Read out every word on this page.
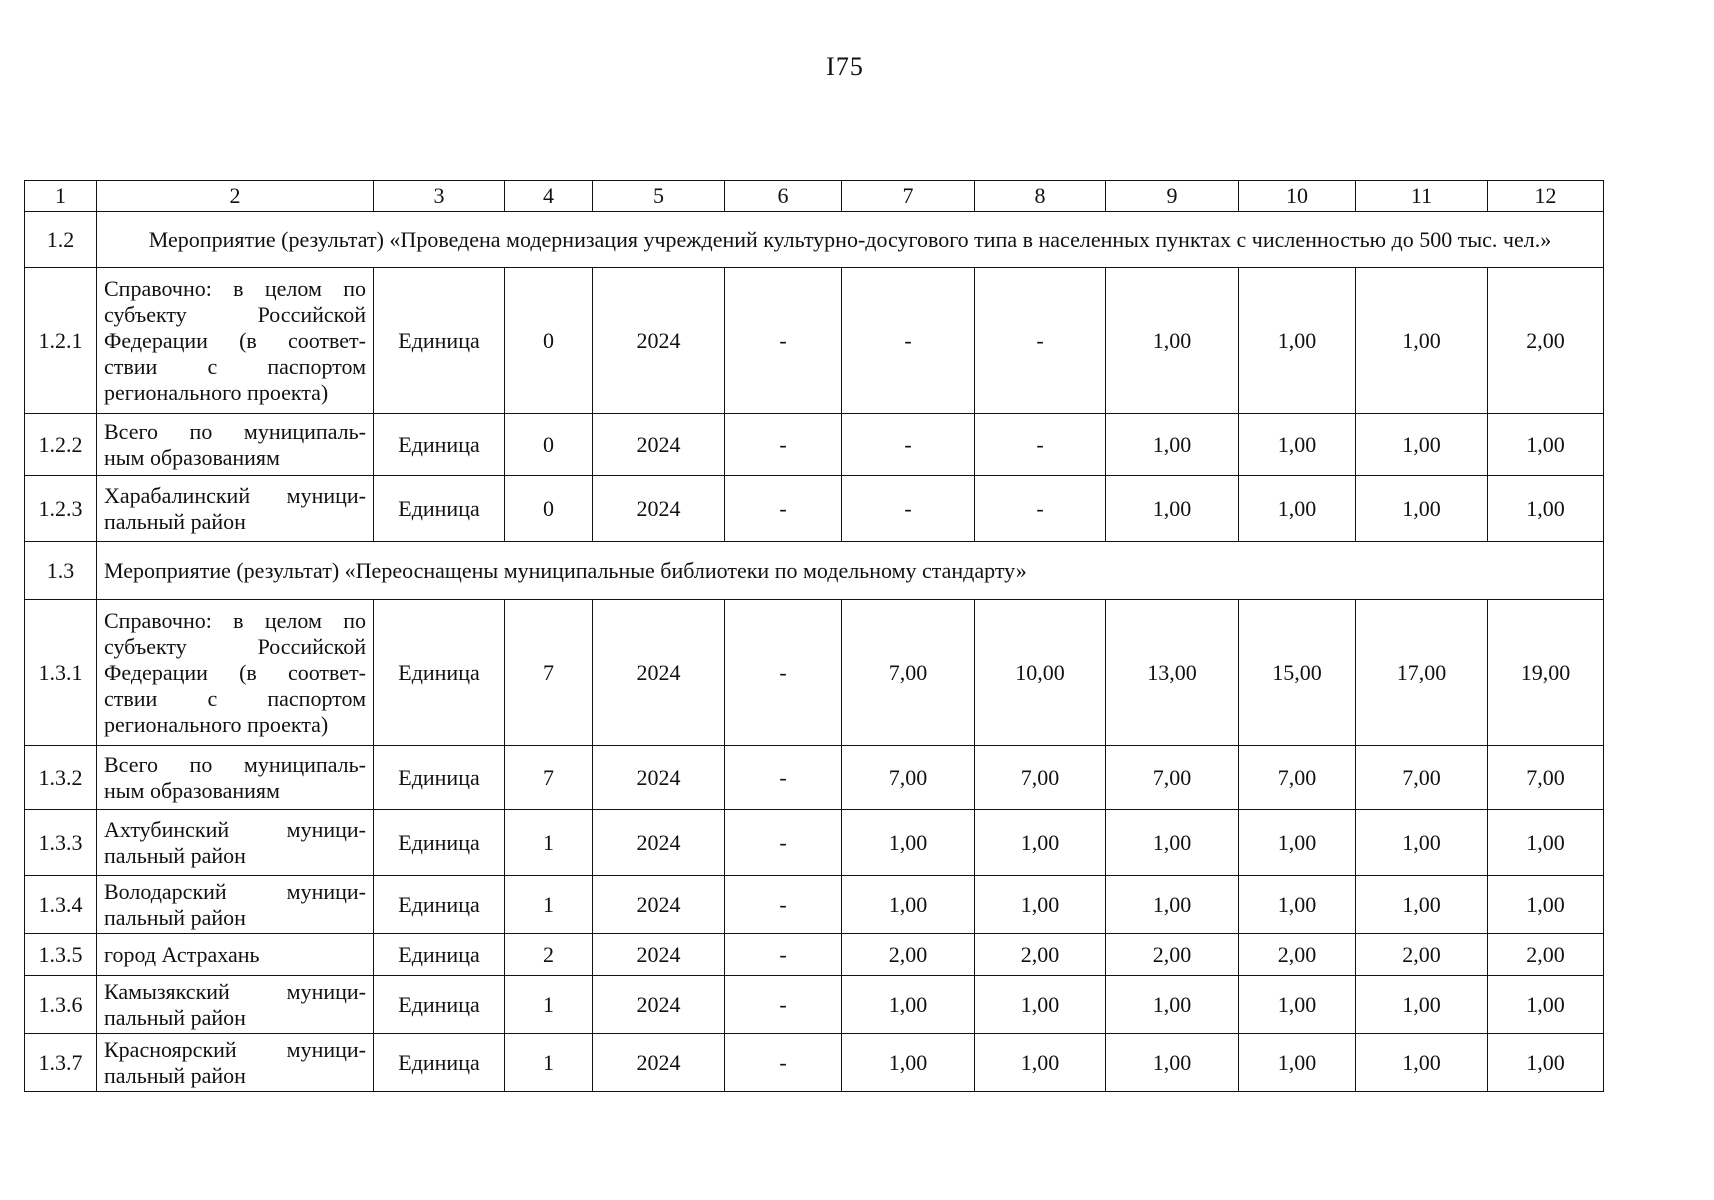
I75
1	2	3	4	5	6	7	8	9	10	11	12
1.2	Мероприятие (результат) «Проведена модернизация учреждений культурно-досугового типа в населенных пунктах с численностью до 500 тыс. чел.»										
1.2.1	Справочно: в целом по
субъекту Российской
Федерации (в соответ-
ствии с паспортом
регионального проекта)	Единица	0	2024	-	-	-	1,00	1,00	1,00	2,00
1.2.2	Всего по муниципаль-
ным образованиям	Единица	0	2024	-	-	-	1,00	1,00	1,00	1,00
1.2.3	Харабалинский муници-
пальный район	Единица	0	2024	-	-	-	1,00	1,00	1,00	1,00
1.3	Мероприятие (результат) «Переоснащены муниципальные библиотеки по модельному стандарту»										
1.3.1	Справочно: в целом по
субъекту Российской
Федерации (в соответ-
ствии с паспортом
регионального проекта)	Единица	7	2024	-	7,00	10,00	13,00	15,00	17,00	19,00
1.3.2	Всего по муниципаль-
ным образованиям	Единица	7	2024	-	7,00	7,00	7,00	7,00	7,00	7,00
1.3.3	Ахтубинский муници-
пальный район	Единица	1	2024	-	1,00	1,00	1,00	1,00	1,00	1,00
1.3.4	Володарский муници-
пальный район	Единица	1	2024	-	1,00	1,00	1,00	1,00	1,00	1,00
1.3.5	город Астрахань	Единица	2	2024	-	2,00	2,00	2,00	2,00	2,00	2,00
1.3.6	Камызякский муници-
пальный район	Единица	1	2024	-	1,00	1,00	1,00	1,00	1,00	1,00
1.3.7	Красноярский муници-
пальный район	Единица	1	2024	-	1,00	1,00	1,00	1,00	1,00	1,00
